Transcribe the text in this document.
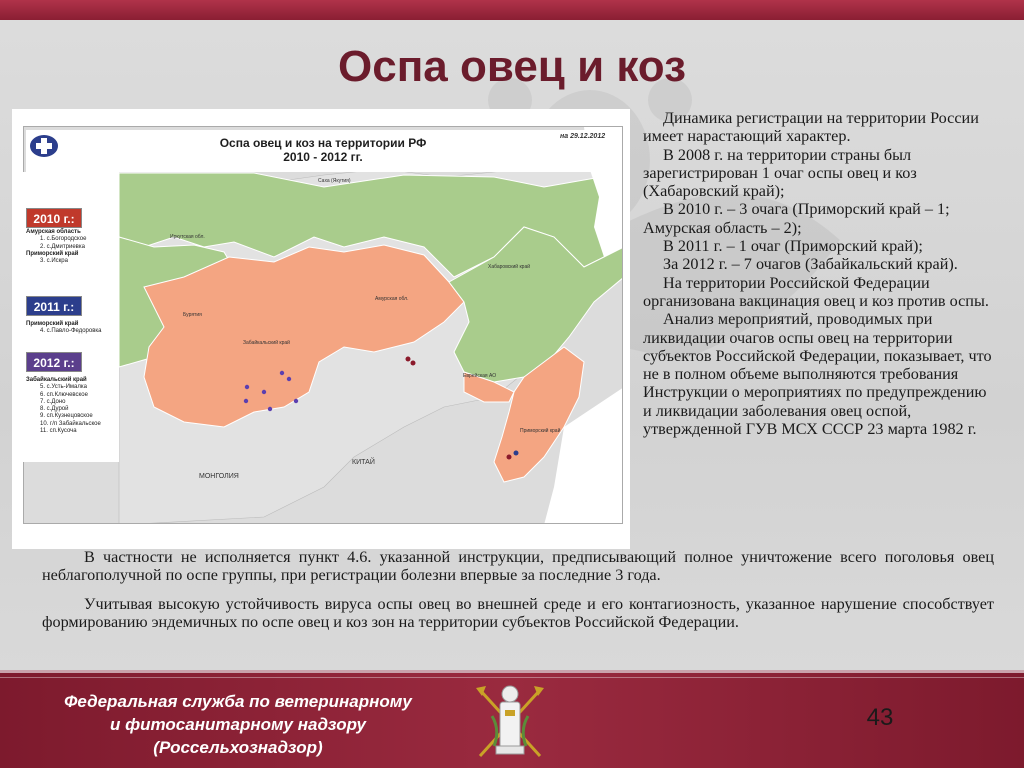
Оспа овец и коз
Оспа овец и коз на территории РФ
2010 - 2012 гг.
на 29.12.2012
2010 г.:
Амурская область
1. с.Богородское
2. с.Дмитриевка
Приморский край
3. с.Искра
2011 г.:
Приморский край
4. с.Павло-Федоровка
2012 г.:
Забайкальский край
5. с.Усть-Ималка
6. сп.Ключевское
7. с.Доно
8. с.Дурой
9. сп.Кузнецовское
10. г/п Забайкальское
11. сп.Кусоча
Саха (Якутия)
Иркутская обл.
Хабаровский край
Амурская обл.
Бурятия
Забайкальский край
Еврейская АО
Приморский край
КИТАЙ
МОНГОЛИЯ

Динамика регистрации на территории России имеет нарастающий характер.

В 2008 г. на территории страны был зарегистрирован 1 очаг оспы овец и коз (Хабаровский край);

В 2010 г. – 3 очага (Приморский край – 1; Амурская область – 2);

В 2011 г. – 1 очаг (Приморский край);

За 2012 г. – 7 очагов (Забайкальский край).

На территории Российской Федерации организована вакцинация овец и коз против оспы.

Анализ мероприятий, проводимых при ликвидации очагов оспы овец на территории субъектов Российской Федерации, показывает, что не в полном объеме выполняются требования Инструкции о мероприятиях по предупреждению и ликвидации заболевания овец оспой, утвержденной ГУВ МСХ СССР 23 марта 1982 г.

В частности не исполняется пункт 4.6. указанной инструкции, предписывающий полное уничтожение всего поголовья овец неблагополучной по оспе группы, при регистрации болезни впервые за последние 3 года.

Учитывая высокую устойчивость вируса оспы овец во внешней среде и его контагиозность, указанное нарушение способствует формированию эндемичных по оспе овец и коз зон на территории субъектов Российской Федерации.

Федеральная служба по ветеринарному
и фитосанитарному надзору
(Россельхознадзор)
43
